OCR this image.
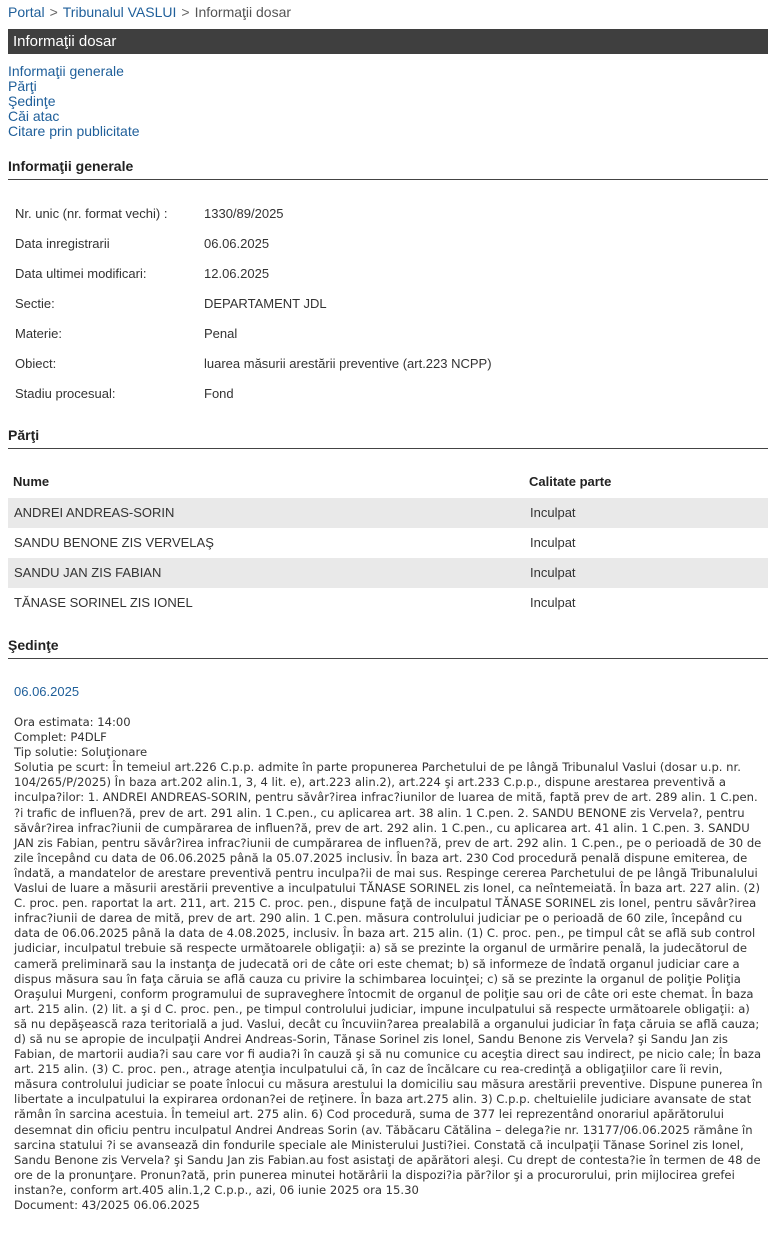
Portal > Tribunalul VASLUI > Informaţii dosar
Informaţii dosar
Informaţii generale
Părţi
Şedinţe
Căi atac
Citare prin publicitate
Informaţii generale
Nr. unic (nr. format vechi) :	1330/89/2025
Data inregistrarii	06.06.2025
Data ultimei modificari:	12.06.2025
Sectie:	DEPARTAMENT JDL
Materie:	Penal
Obiect:	luarea măsurii arestării preventive (art.223 NCPP)
Stadiu procesual:	Fond
Părţi
Nume	Calitate parte
ANDREI ANDREAS-SORIN	Inculpat
SANDU BENONE ZIS VERVELAŞ	Inculpat
SANDU JAN ZIS FABIAN	Inculpat
TĂNASE SORINEL ZIS IONEL	Inculpat
Şedinţe
06.06.2025
Ora estimata: 14:00
Complet: P4DLF
Tip solutie: Soluţionare
Solutia pe scurt: În temeiul art.226 C.p.p. admite în parte propunerea Parchetului de pe lângă Tribunalul Vaslui (dosar u.p. nr. 104/265/P/2025) În baza art.202 alin.1, 3, 4 lit. e), art.223 alin.2), art.224 şi art.233 C.p.p., dispune arestarea preventivă a inculpa?ilor: 1. ANDREI ANDREAS-SORIN, pentru săvâr?irea infrac?iunilor de luarea de mită, faptă prev de art. 289 alin. 1 C.pen. ?i trafic de influen?ă, prev de art. 291 alin. 1 C.pen., cu aplicarea art. 38 alin. 1 C.pen. 2. SANDU BENONE zis Vervela?, pentru săvâr?irea infrac?iunii de cumpărarea de influen?ă, prev de art. 292 alin. 1 C.pen., cu aplicarea art. 41 alin. 1 C.pen. 3. SANDU JAN zis Fabian, pentru săvâr?irea infrac?iunii de cumpărarea de influen?ă, prev de art. 292 alin. 1 C.pen., pe o perioadă de 30 de zile începând cu data de 06.06.2025 până la 05.07.2025 inclusiv. În baza art. 230 Cod procedură penală dispune emiterea, de îndată, a mandatelor de arestare preventivă pentru inculpa?ii de mai sus. Respinge cererea Parchetului de pe lângă Tribunalului Vaslui de luare a măsurii arestării preventive a inculpatului TĂNASE SORINEL zis Ionel, ca neîntemeiată. În baza art. 227 alin. (2) C. proc. pen. raportat la art. 211, art. 215 C. proc. pen., dispune faţă de inculpatul TĂNASE SORINEL zis Ionel, pentru săvâr?irea infrac?iunii de darea de mită, prev de art. 290 alin. 1 C.pen. măsura controlului judiciar pe o perioadă de 60 zile, începând cu data de 06.06.2025 până la data de 4.08.2025, inclusiv. În baza art. 215 alin. (1) C. proc. pen., pe timpul cât se află sub control judiciar, inculpatul trebuie să respecte următoarele obligaţii: a) să se prezinte la organul de urmărire penală, la judecătorul de cameră preliminară sau la instanţa de judecată ori de câte ori este chemat; b) să informeze de îndată organul judiciar care a dispus măsura sau în faţa căruia se află cauza cu privire la schimbarea locuinţei; c) să se prezinte la organul de poliţie Poliţia Oraşului Murgeni, conform programului de supraveghere întocmit de organul de poliţie sau ori de câte ori este chemat. În baza art. 215 alin. (2) lit. a şi d C. proc. pen., pe timpul controlului judiciar, impune inculpatului să respecte următoarele obligaţii: a) să nu depăşească raza teritorială a jud. Vaslui, decât cu încuviin?area prealabilă a organului judiciar în faţa căruia se află cauza; d) să nu se apropie de inculpaţii Andrei Andreas-Sorin, Tănase Sorinel zis Ionel, Sandu Benone zis Vervela? şi Sandu Jan zis Fabian, de martorii audia?i sau care vor fi audia?i în cauză şi să nu comunice cu aceştia direct sau indirect, pe nicio cale; În baza art. 215 alin. (3) C. proc. pen., atrage atenţia inculpatului că, în caz de încălcare cu rea-credinţă a obligaţiilor care îi revin, măsura controlului judiciar se poate înlocui cu măsura arestului la domiciliu sau măsura arestării preventive. Dispune punerea în libertate a inculpatului la expirarea ordonan?ei de reţinere. În baza art.275 alin. 3) C.p.p. cheltuielile judiciare avansate de stat rămân în sarcina acestuia. În temeiul art. 275 alin. 6) Cod procedură, suma de 377 lei reprezentând onorariul apărătorului desemnat din oficiu pentru inculpatul Andrei Andreas Sorin (av. Tăbăcaru Cătălina – delega?ie nr. 13177/06.06.2025 rămâne în sarcina statului ?i se avansează din fondurile speciale ale Ministerului Justi?iei. Constată că inculpaţii Tănase Sorinel zis Ionel, Sandu Benone zis Vervela? şi Sandu Jan zis Fabian.au fost asistaţi de apărători aleşi. Cu drept de contesta?ie în termen de 48 de ore de la pronunţare. Pronun?ată, prin punerea minutei hotărârii la dispozi?ia păr?ilor şi a procurorului, prin mijlocirea grefei instan?e, conform art.405 alin.1,2 C.p.p., azi, 06 iunie 2025 ora 15.30
Document: 43/2025 06.06.2025
